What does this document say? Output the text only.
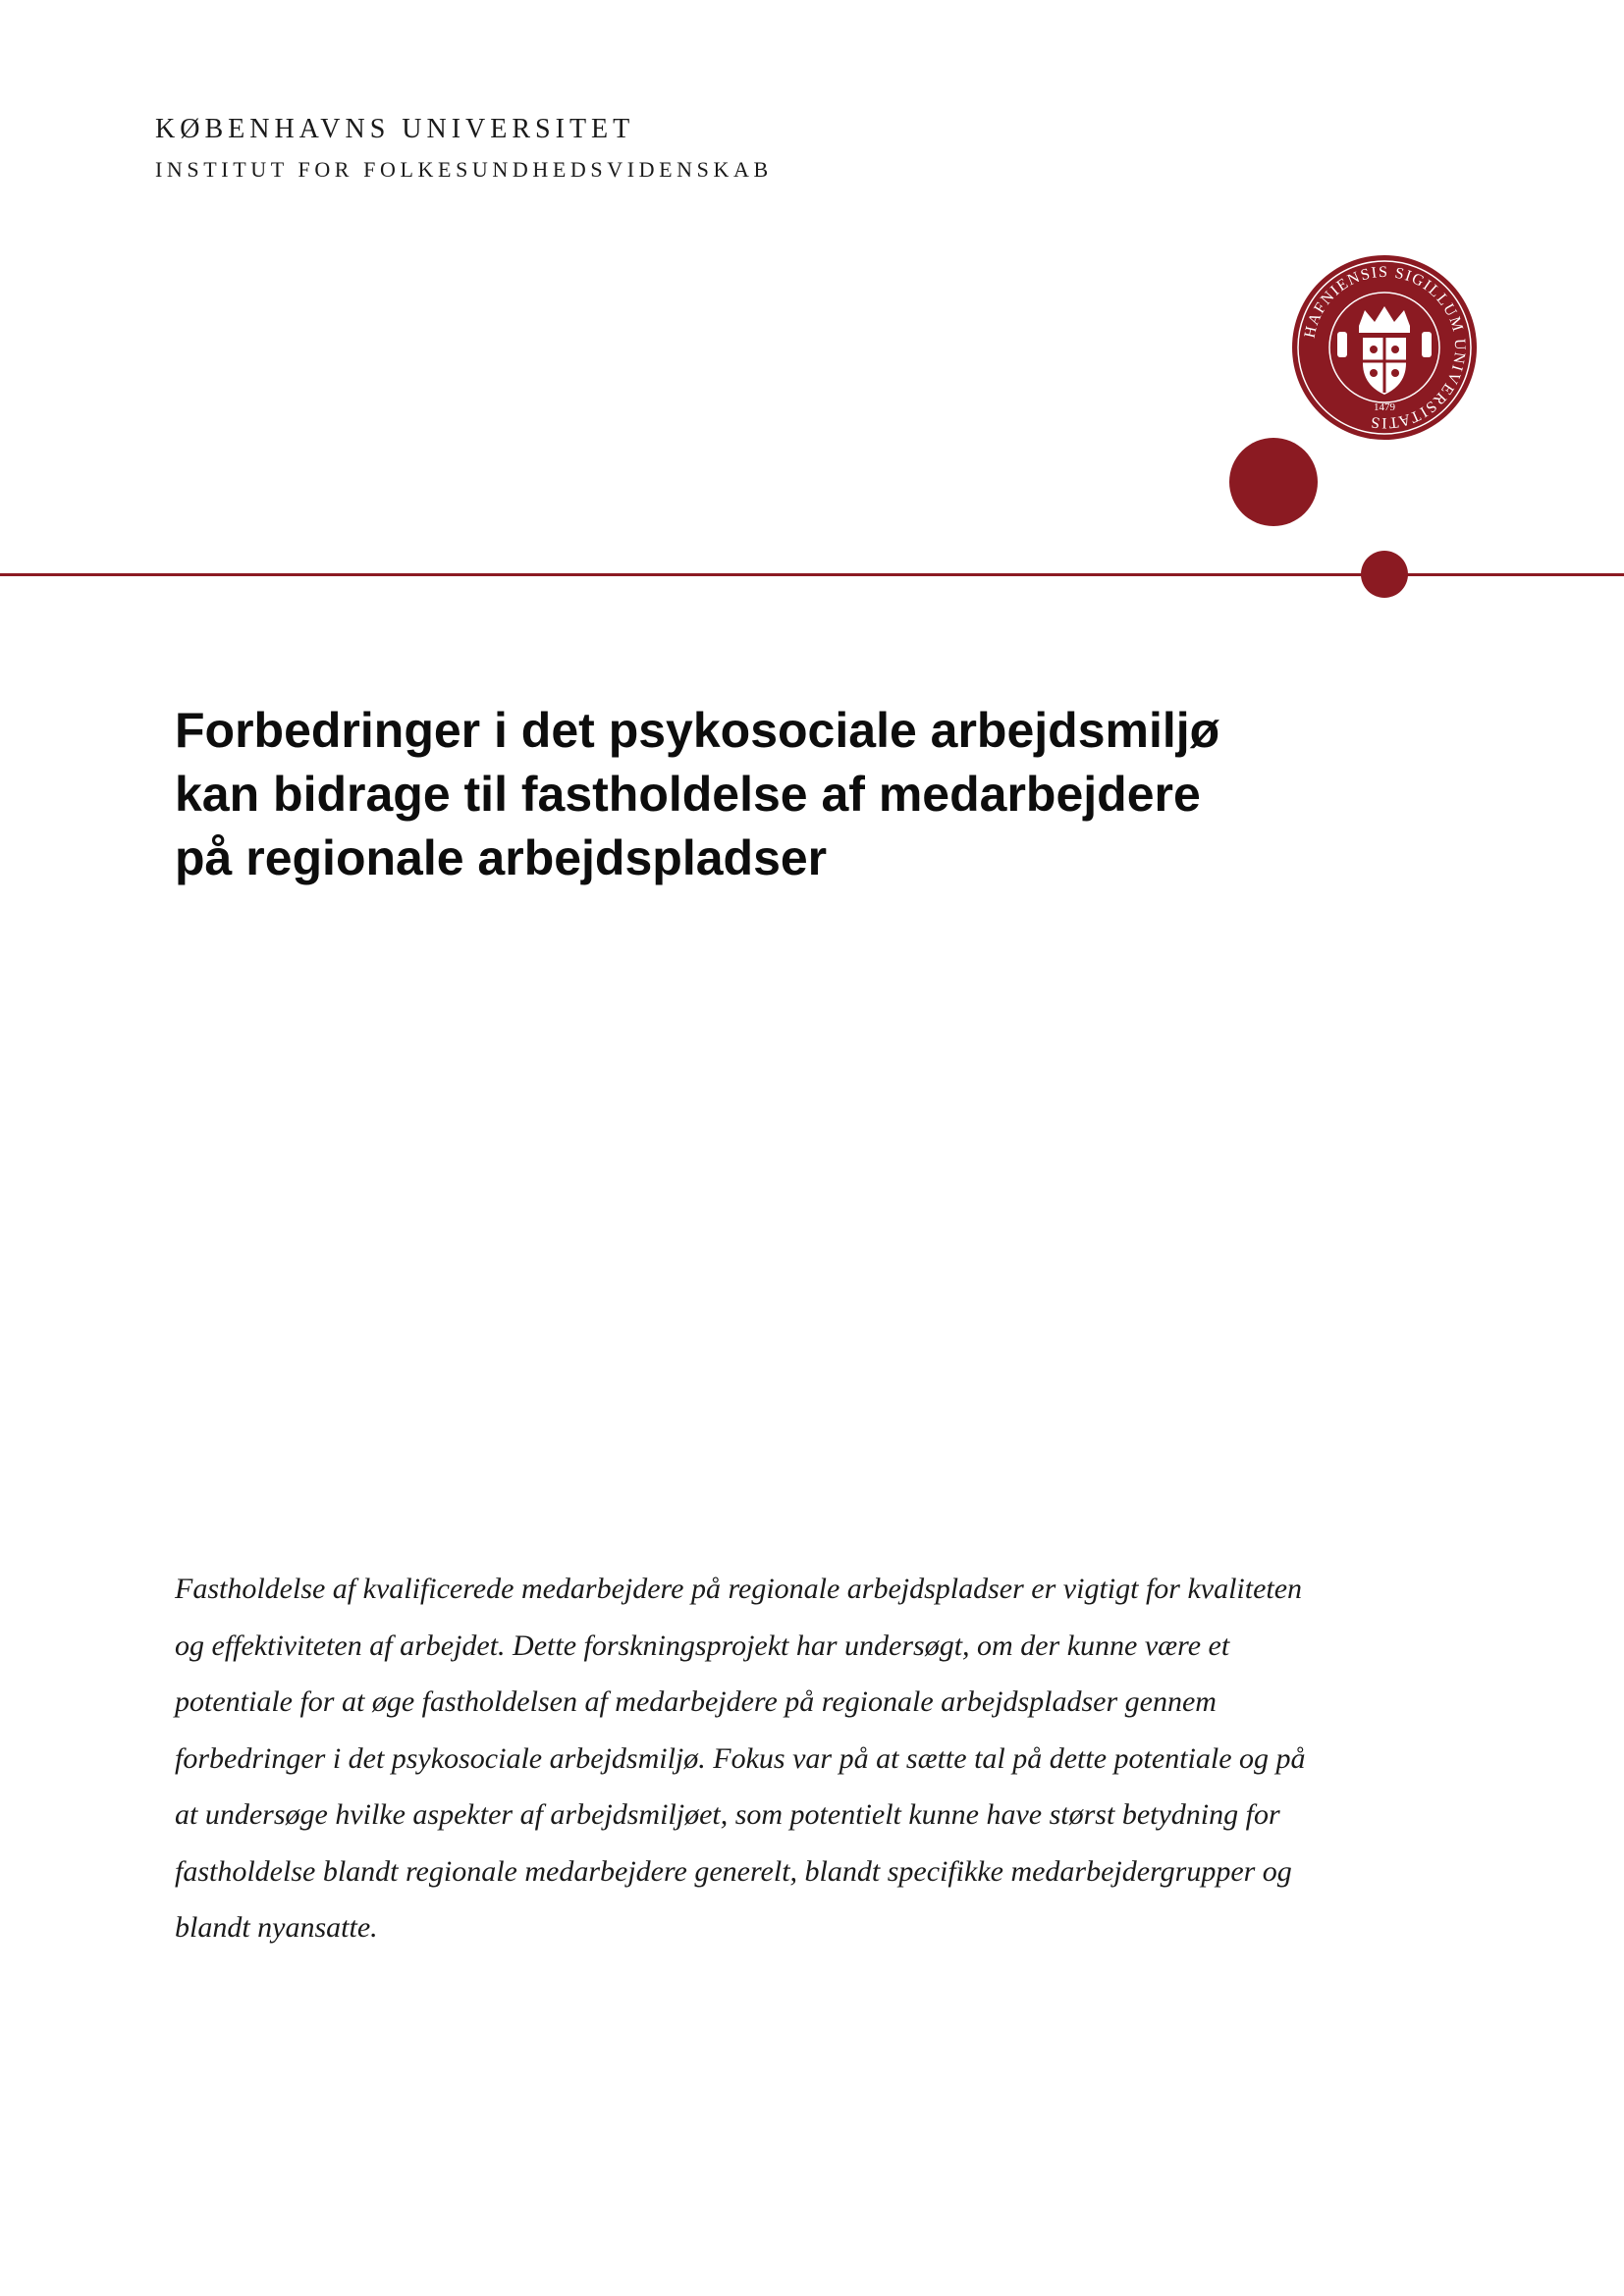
KØBENHAVNS UNIVERSITET
INSTITUT FOR FOLKESUNDHEDSVIDENSKAB
HAFNIENSIS SIGILLUM UNIVERSITATIS
1479
Forbedringer i det psykosociale arbejdsmiljø
kan bidrage til fastholdelse af medarbejdere
på regionale arbejdspladser

Fastholdelse af kvalificerede medarbejdere på regionale arbejdspladser er vigtigt for kvaliteten
og effektiviteten af arbejdet. Dette forskningsprojekt har undersøgt, om der kunne være et
potentiale for at øge fastholdelsen af medarbejdere på regionale arbejdspladser gennem
forbedringer i det psykosociale arbejdsmiljø. Fokus var på at sætte tal på dette potentiale og på
at undersøge hvilke aspekter af arbejdsmiljøet, som potentielt kunne have størst betydning for
fastholdelse blandt regionale medarbejdere generelt, blandt specifikke medarbejdergrupper og
blandt nyansatte.
